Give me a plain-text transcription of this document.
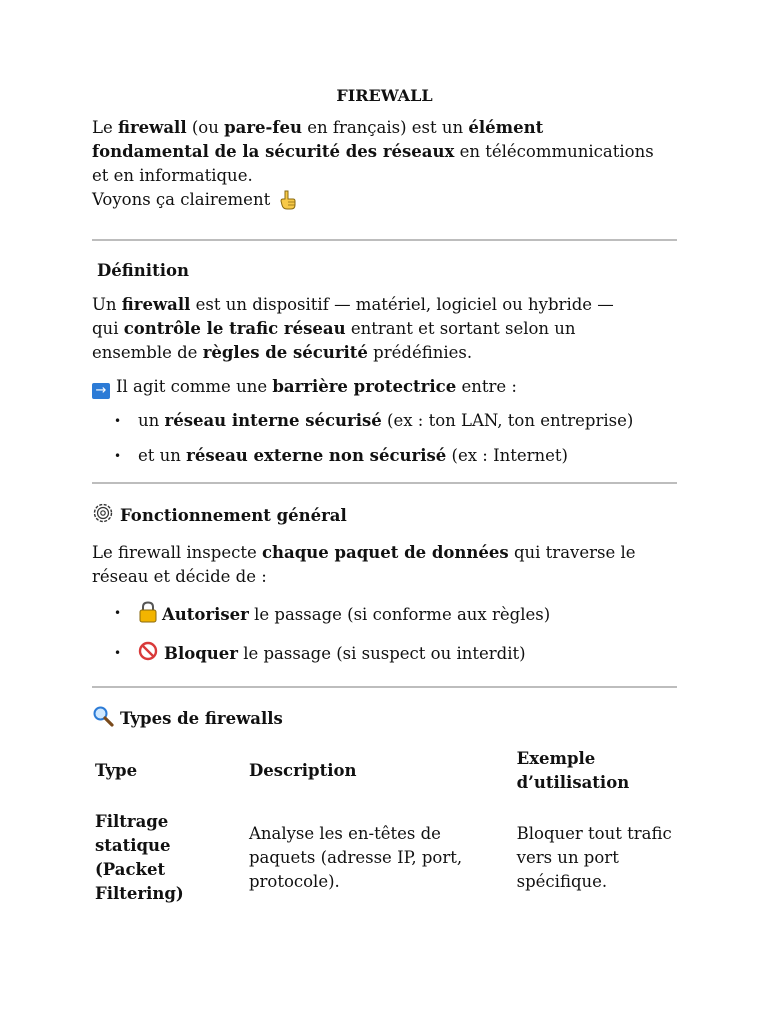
FIREWALL

Le firewall (ou pare-feu en français) est un élément

fondamental de la sécurité des réseaux en télécommunications

et en informatique.

Voyons ça clairement

Définition

Un firewall est un dispositif — matériel, logiciel ou hybride —

qui contrôle le trafic réseau entrant et sortant selon un

ensemble de règles de sécurité prédéfinies.

→ Il agit comme une barrière protectrice entre :

• un réseau interne sécurisé (ex : ton LAN, ton entreprise)
• et un réseau externe non sécurisé (ex : Internet)
Fonctionnement général

Le firewall inspecte chaque paquet de données qui traverse le

réseau et décide de :

• Autoriser le passage (si conforme aux règles)
• Bloquer le passage (si suspect ou interdit)
Types de firewalls
Type	Description	Exemple d’utilisation
Filtrage statique (Packet Filtering)	Analyse les en-têtes de paquets (adresse IP, port, protocole).	Bloquer tout trafic vers un port spécifique.
